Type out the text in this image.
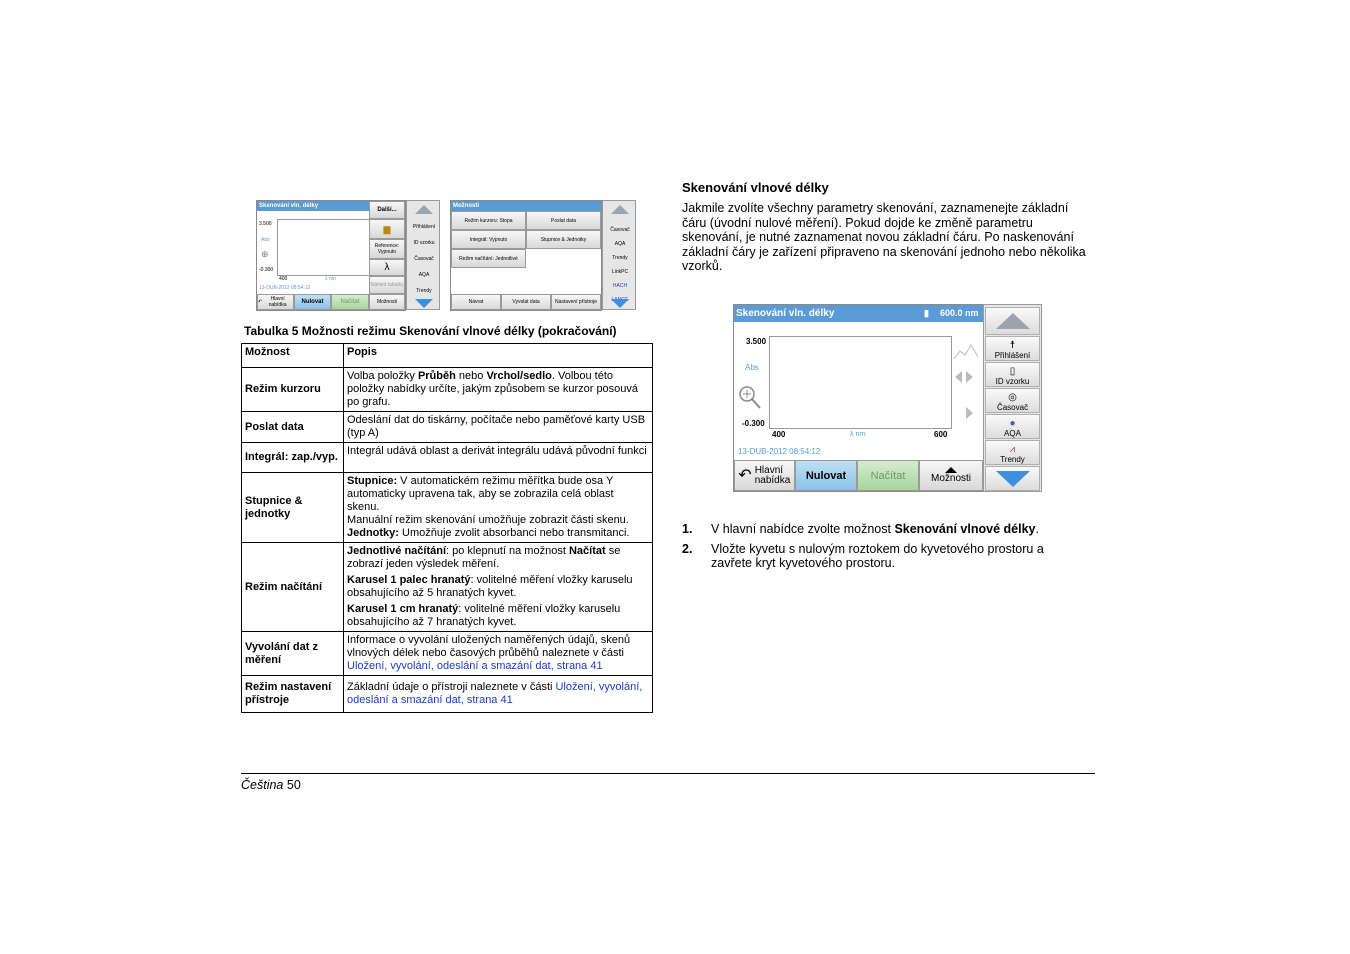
Skenování vln. délky
3.500
Abs
⊕
-0.300
400	λ nm
13-DUB-2012 08:54:12
Další...
▆
Reference: Vypnuto
λ
Náhled tabulky
↶	Hlavní nabídka	Nulovat	Načítat	Možnosti
Přihlášení
ID vzorku
Časovač
AQA
Trendy
Možnosti
Režim kurzoru: Stopa	Poslat data
Integrál: Vypnuto	Stupnice & Jednotky
Režim načítání: Jednotlivé
Návrat	Vyvolat data	Nastavení přístroje
Časovač
AQA
Trendy
LinkPC
HACH LANGE
Tabulka 5 Možnosti režimu Skenování vlnové délky (pokračování)
Možnost	Popis
Režim kurzoru	Volba položky Průběh nebo Vrchol/sedlo. Volbou této položky nabídky určíte, jakým způsobem se kurzor posouvá po grafu.
Poslat data	Odeslání dat do tiskárny, počítače nebo paměťové karty USB (typ A)
Integrál: zap./vyp.	Integrál udává oblast a derivát integrálu udává původní funkci
Stupnice & jednotky	Stupnice: V automatickém režimu měřítka bude osa Y automaticky upravena tak, aby se zobrazila celá oblast skenu.
Manuální režim skenování umožňuje zobrazit části skenu.
Jednotky: Umožňuje zvolit absorbanci nebo transmitanci.
Režim načítání	Jednotlivé načítání: po klepnutí na možnost Načítat se zobrazí jeden výsledek měření.

Karusel 1 palec hranatý: volitelné měření vložky karuselu obsahujícího až 5 hranatých kyvet.

Karusel 1 cm hranatý: volitelné měření vložky karuselu obsahujícího až 7 hranatých kyvet.

Vyvolání dat z měření	Informace o vyvolání uložených naměřených údajů, skenů vlnových délek nebo časových průběhů naleznete v části Uložení, vyvolání, odeslání a smazání dat, strana 41
Režim nastavení přístroje	Základní údaje o přístroji naleznete v části Uložení, vyvolání, odeslání a smazání dat, strana 41
Skenování vlnové délky
Jakmile zvolíte všechny parametry skenování, zaznamenejte základní čáru (úvodní nulové měření). Pokud dojde ke změně parametru skenování, je nutné zaznamenat novou základní čáru. Po naskenování základní čáry je zařízení připraveno na skenování jednoho nebo několika vzorků.
Skenování vln. délky	▮ 600.0 nm
3.500
Abs
-0.300
400	λ nm	600
13-DUB-2012 08:54:12
↶ Hlavní nabídka	Nulovat	Načítat	Možnosti
☨
Přihlášení
▯
ID vzorku
◎
Časovač
●
AQA
⩘
Trendy
1.	V hlavní nabídce zvolte možnost Skenování vlnové délky.
2.	Vložte kyvetu s nulovým roztokem do kyvetového prostoru a zavřete kryt kyvetového prostoru.
Čeština 50
